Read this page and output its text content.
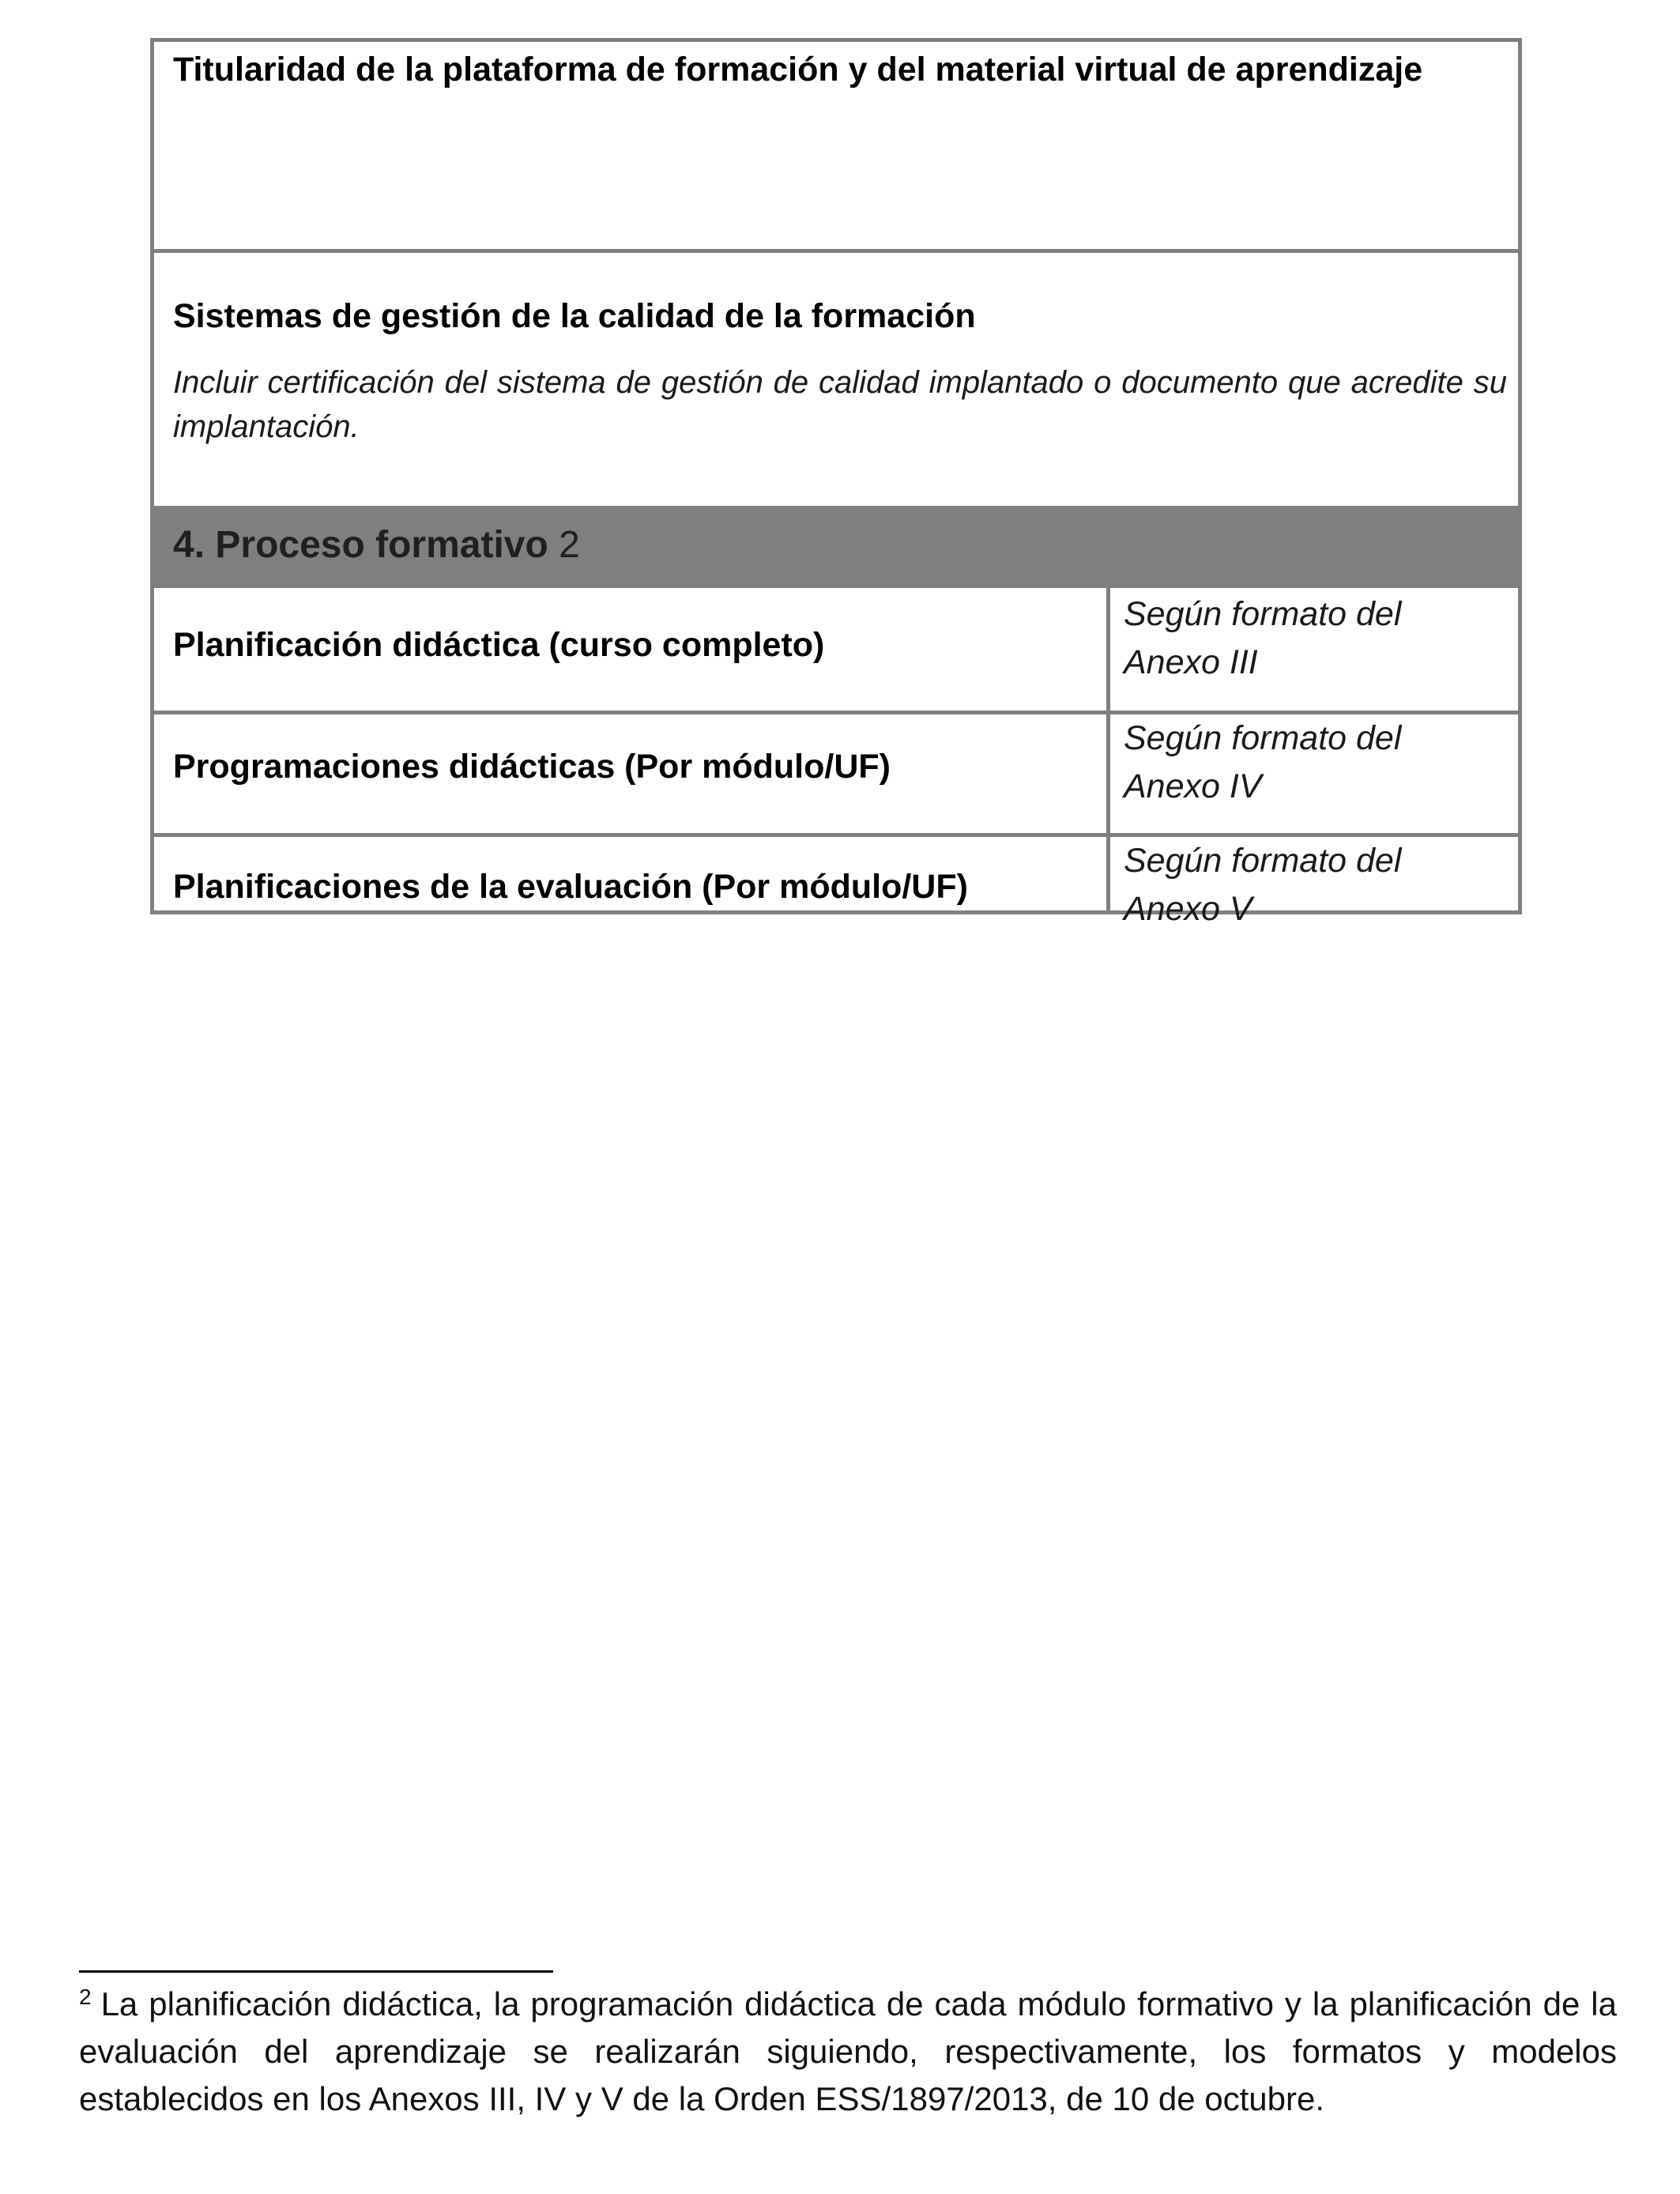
Titularidad de la plataforma de formación y del material virtual de aprendizaje
Sistemas de gestión de la calidad de la formación
Incluir certificación del sistema de gestión de calidad implantado o documento que acredite su implantación.
4. Proceso formativo 2
Planificación didáctica (curso completo)
Según formato del Anexo III
Programaciones didácticas (Por módulo/UF)
Según formato del Anexo IV
Planificaciones de la evaluación (Por módulo/UF)
Según formato del Anexo V
$^2$ La planificación didáctica, la programación didáctica de cada módulo formativo y la planificación de la evaluación del aprendizaje se realizarán siguiendo, respectivamente, los formatos y modelos establecidos en los Anexos III, IV y V de la Orden ESS/1897/2013, de 10 de octubre.
